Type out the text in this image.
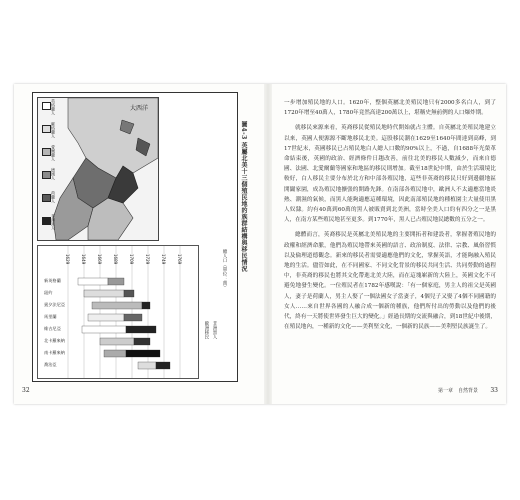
大西洋
英格蘭人
蘇格蘭人
愛爾蘭人
德國人
荷蘭人
非洲黑人
1629	1649	1669	1689	1709	1729	1749	1769
新英格蘭
紐約
賓夕法尼亞
馬里蘭
維吉尼亞
北卡羅來納
南卡羅來納
喬治亞
總人口（單位：萬）
非洲黑人
歐洲移民
圖4-3 英屬北美十三個殖民地的族群結構與移民情況
32

一步增加殖民地的人口。1620年，整個英屬北美殖民地只有2000多名白人，到了1720年增至40萬人，1780年竟然高達200萬以上，堪稱史無前例的人口爆炸期。

就移民來源來看，英裔移民從殖民地時代開始就占主體。自英屬北美殖民地建立以來，英國人便源源不斷地移民北美。這股移民潮在1629至1640年間達到高峰，到17世紀末，英國移民已占殖民地白人總人口數的90%以上，不過，自1688年光榮革命結束後，英國的政治、經濟條件日趨改善，前往北美的移民人數減少，而來自德國、法國、北愛爾蘭等國家和地區的移民則增加。截至18世紀中期，由於生活環境比較好，白人移民主要分布於北方和中部各殖民地，這些非英裔的移民只好到邊疆地區開闢家園，成為殖民地擴張的開路先鋒。在南部各殖民地中，歐洲人不太適應當地炎熱、潮濕的氣候，而黑人能夠適應這種環境，因此南部殖民地的種植園主大量使用黑人奴隸。約有40萬到60萬的黑人被販賣到北美洲，當時全美人口約有四分之一是黑人，在南方某些殖民地甚至更多。到1770年，黑人已占殖民地民總數的五分之一。

總體而言，英裔移民是英屬北美殖民地的主要開拓者和建設者，掌握著殖民地的政權和經濟命脈，他們為殖民地帶來英國的語言、政治制度、法律、宗教、風俗習慣以及倫理道德觀念。新來的移民者需要適應他們的文化，掌握英語，才能夠融入殖民地的生活。儘管如此，在不同國家、不同文化背景的移民共同生活、共同勞動的過程中，非英裔的移民也將其文化帶進北美大陸，而在這塊嶄新的大陸上，英國文化不可避免地發生變化。一位殖民者在1782年感嘆說：「有一個家庭，男主人的祖父是英國人，妻子是荷蘭人，男主人娶了一個法國女子當妻子，4個兒子又娶了4個不同國籍的女人……來自世界各國的人融合成一個新的種族，他們所付出的勞動以及他們的後代，終有一天將使世界發生巨大的變化。」經過長期的交流與融合，到18世紀中後期，在殖民地內，一種新的文化——美利堅文化，一個新的民族——美利堅民族誕生了。

第一章　自然背景 33
